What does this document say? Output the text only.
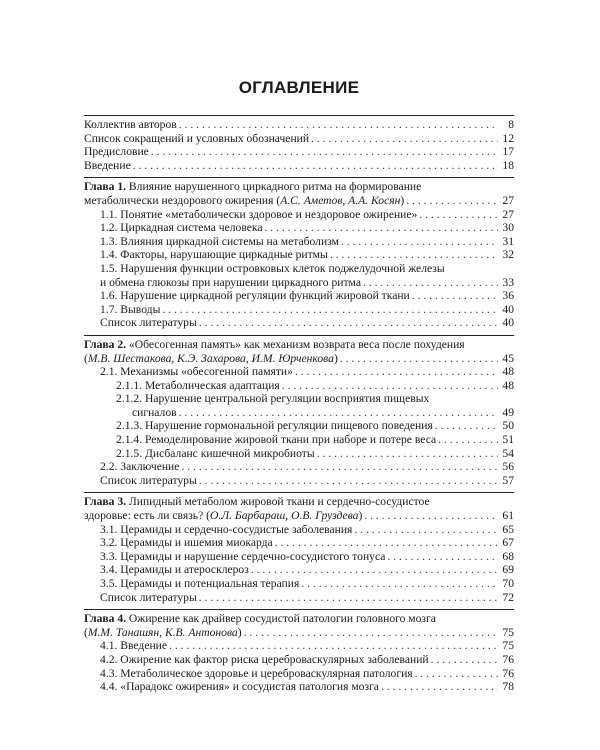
ОГЛАВЛЕНИЕ
Коллектив авторов . . .	8
Список сокращений и условных обозначений . . .	12
Предисловие . . .	17
Введение . . .	18
Глава 1. Влияние нарушенного циркадного ритма на формирование
метаболически нездорового ожирения (А.С. Аметов, А.А. Косян) . . .	27
1.1. Понятие «метаболически здоровое и нездоровое ожирение» . . .	27
1.2. Циркадная система человека . . .	30
1.3. Влияния циркадной системы на метаболизм . . .	31
1.4. Факторы, нарушающие циркадные ритмы . . .	32
1.5. Нарушения функции островковых клеток поджелудочной железы
и обмена глюкозы при нарушении циркадного ритма . . .	33
1.6. Нарушение циркадной регуляции функций жировой ткани . . .	36
1.7. Выводы . . .	40
Список литературы . . .	40
Глава 2. «Обесогенная память» как механизм возврата веса после похудения
(М.В. Шестакова, К.Э. Захарова, И.М. Юрченкова) . . .	45
2.1. Механизмы «обесогенной памяти» . . .	48
2.1.1. Метаболическая адаптация . . .	48
2.1.2. Нарушение центральной регуляции восприятия пищевых
сигналов . . .	49
2.1.3. Нарушение гормональной регуляции пищевого поведения . . .	50
2.1.4. Ремоделирование жировой ткани при наборе и потере веса . . .	51
2.1.5. Дисбаланс кишечной микробиоты . . .	54
2.2. Заключение . . .	56
Список литературы . . .	57
Глава 3. Липидный метаболом жировой ткани и сердечно-сосудистое
здоровье: есть ли связь? (О.Л. Барбараш, О.В. Груздева) . . .	61
3.1. Церамиды и сердечно-сосудистые заболевания . . .	65
3.2. Церамиды и ишемия миокарда . . .	67
3.3. Церамиды и нарушение сердечно-сосудистого тонуса . . .	68
3.4. Церамиды и атеросклероз . . .	69
3.5. Церамиды и потенциальная терапия . . .	70
Список литературы . . .	72
Глава 4. Ожирение как драйвер сосудистой патологии головного мозга
(М.М. Танашян, К.В. Антонова) . . .	75
4.1. Введение . . .	75
4.2. Ожирение как фактор риска цереброваскулярных заболеваний . . .	76
4.3. Метаболическое здоровье и цереброваскулярная патология . . .	76
4.4. «Парадокс ожирения» и сосудистая патология мозга . . .	78
